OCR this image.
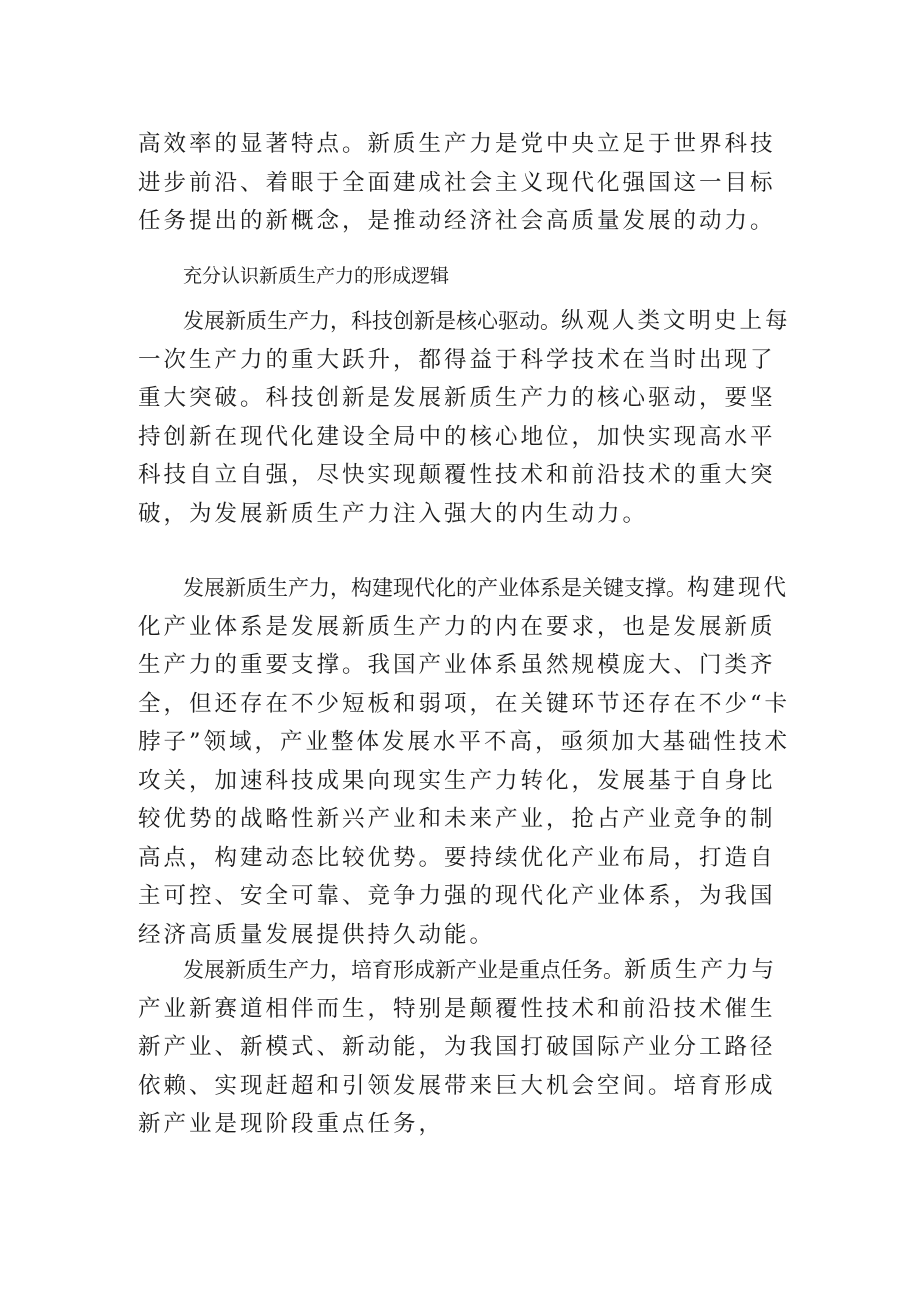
高效率的显著特点。新质生产力是党中央立足于世界科技进步前沿、着眼于全面建成社会主义现代化强国这一目标任务提出的新概念，是推动经济社会高质量发展的动力。

充分认识新质生产力的形成逻辑

发展新质生产力，科技创新是核心驱动。纵观人类文明史上每一次生产力的重大跃升，都得益于科学技术在当时出现了重大突破。科技创新是发展新质生产力的核心驱动，要坚持创新在现代化建设全局中的核心地位，加快实现高水平科技自立自强，尽快实现颠覆性技术和前沿技术的重大突破，为发展新质生产力注入强大的内生动力。

发展新质生产力，构建现代化的产业体系是关键支撑。构建现代化产业体系是发展新质生产力的内在要求，也是发展新质生产力的重要支撑。我国产业体系虽然规模庞大、门类齐全，但还存在不少短板和弱项，在关键环节还存在不少“卡脖子”领域，产业整体发展水平不高，亟须加大基础性技术攻关，加速科技成果向现实生产力转化，发展基于自身比较优势的战略性新兴产业和未来产业，抢占产业竞争的制高点，构建动态比较优势。要持续优化产业布局，打造自主可控、安全可靠、竞争力强的现代化产业体系，为我国经济高质量发展提供持久动能。

发展新质生产力，培育形成新产业是重点任务。新质生产力与产业新赛道相伴而生，特别是颠覆性技术和前沿技术催生新产业、新模式、新动能，为我国打破国际产业分工路径依赖、实现赶超和引领发展带来巨大机会空间。培育形成新产业是现阶段重点任务，
